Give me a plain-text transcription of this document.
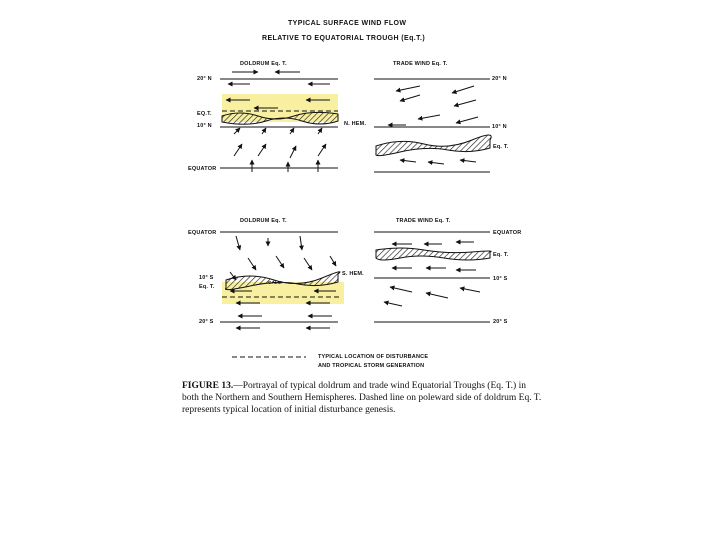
TYPICAL SURFACE WIND FLOW
RELATIVE TO EQUATORIAL TROUGH (Eq.T.)
DOLDRUM Eq. T.
20° N
EQ.T.
10° N
EQUATOR
N. HEM.
TRADE WIND Eq. T.
20° N
10° N
Eq. T.
DOLDRUM Eq. T.
EQUATOR
10° S
Eq. T.
CALM
S. HEM.
20° S
TRADE WIND Eq. T.
EQUATOR
Eq. T.
10° S
20° S
TYPICAL LOCATION OF DISTURBANCE
AND TROPICAL STORM GENERATION
FIGURE 13.—Portrayal of typical doldrum and trade wind Equatorial Troughs (Eq. T.) in both the Northern and Southern Hemispheres. Dashed line on poleward side of doldrum Eq. T. represents typical location of initial disturbance genesis.
